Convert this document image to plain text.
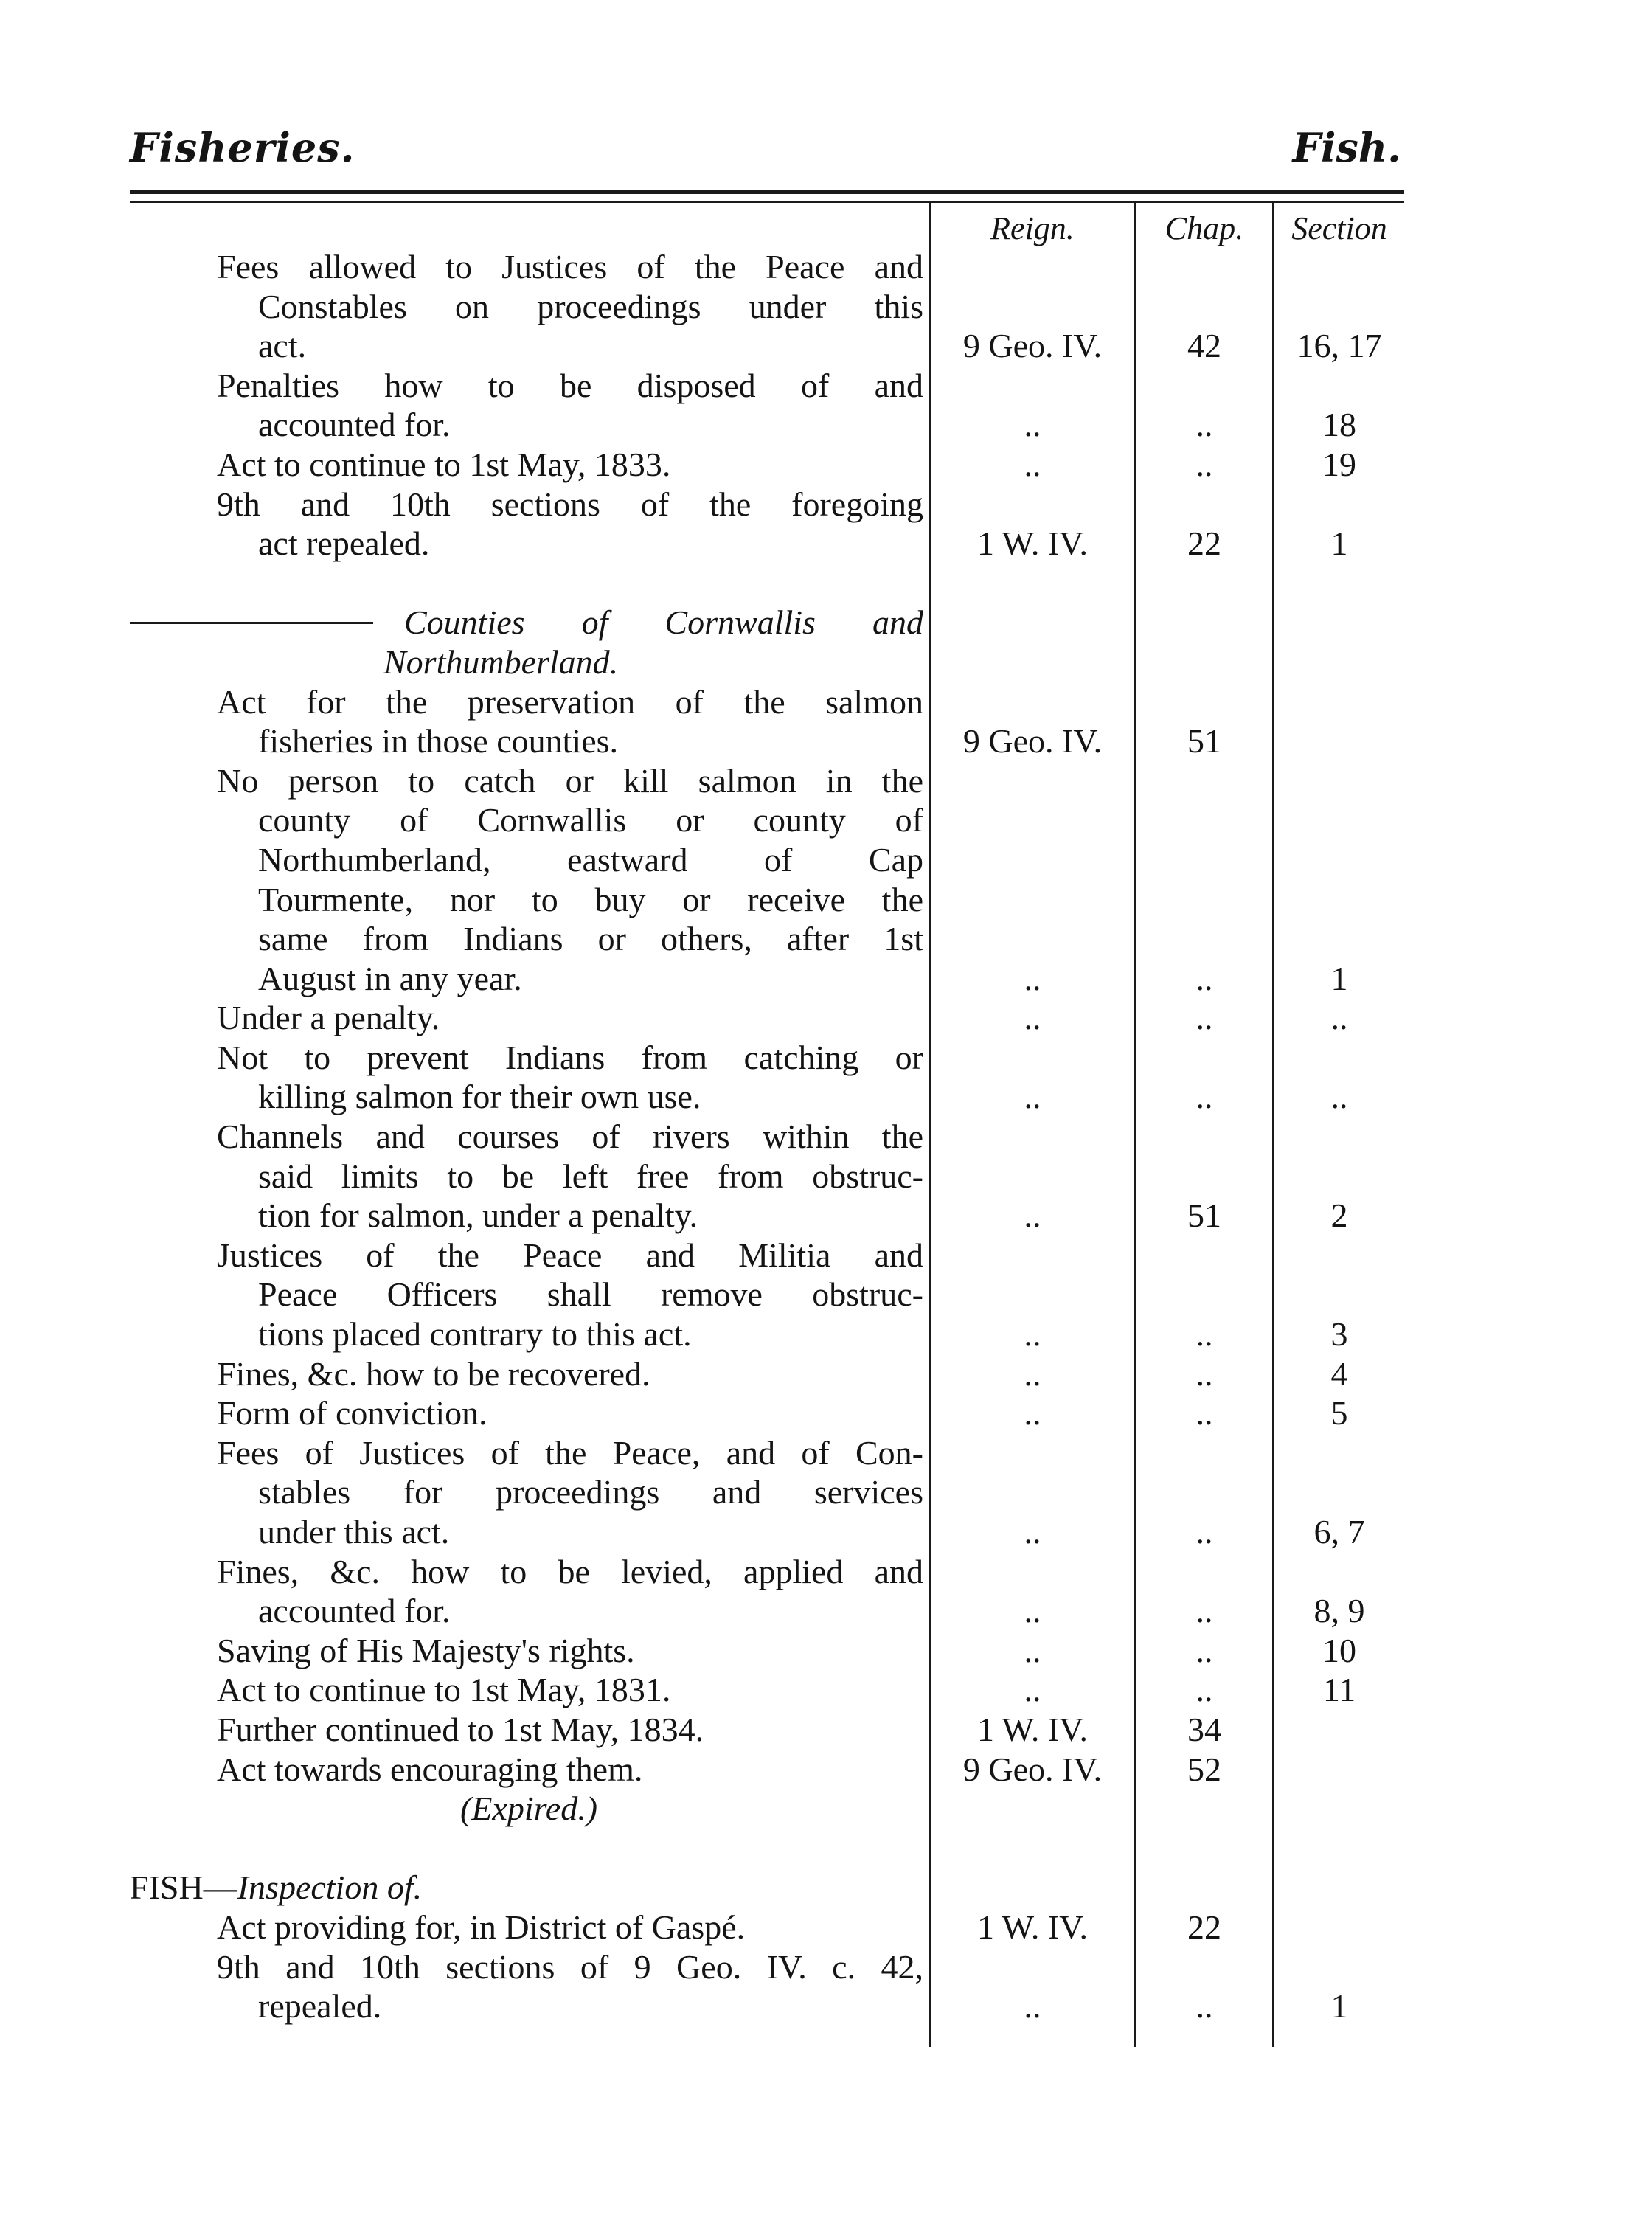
Fisheries.	Fish.
Reign.	Chap.	Section
Fees allowed to Justices of the Peace and
Constables on proceedings under this
act.	9 Geo. IV.	42	16, 17
Penalties how to be disposed of and
accounted for.	..	..	18
Act to continue to 1st May, 1833.	..	..	19
9th and 10th sections of the foregoing
act repealed.	1 W. IV.	22	1
Counties of Cornwallis and
Northumberland.
Act for the preservation of the salmon
fisheries in those counties.	9 Geo. IV.	51
No person to catch or kill salmon in the
county of Cornwallis or county of
Northumberland, eastward of Cap
Tourmente, nor to buy or receive the
same from Indians or others, after 1st
August in any year.	..	..	1
Under a penalty.	..	..	..
Not to prevent Indians from catching or
killing salmon for their own use.	..	..	..
Channels and courses of rivers within the
said limits to be left free from obstruc-
tion for salmon, under a penalty.	..	51	2
Justices of the Peace and Militia and
Peace Officers shall remove obstruc-
tions placed contrary to this act.	..	..	3
Fines, &c. how to be recovered.	..	..	4
Form of conviction.	..	..	5
Fees of Justices of the Peace, and of Con-
stables for proceedings and services
under this act.	..	..	6, 7
Fines, &c. how to be levied, applied and
accounted for.	..	..	8, 9
Saving of His Majesty's rights.	..	..	10
Act to continue to 1st May, 1831.	..	..	11
Further continued to 1st May, 1834.	1 W. IV.	34
Act towards encouraging them.	9 Geo. IV.	52
(Expired.)
FISH—Inspection of.
Act providing for, in District of Gaspé.	1 W. IV.	22
9th and 10th sections of 9 Geo. IV. c. 42,
repealed.	..	..	1
